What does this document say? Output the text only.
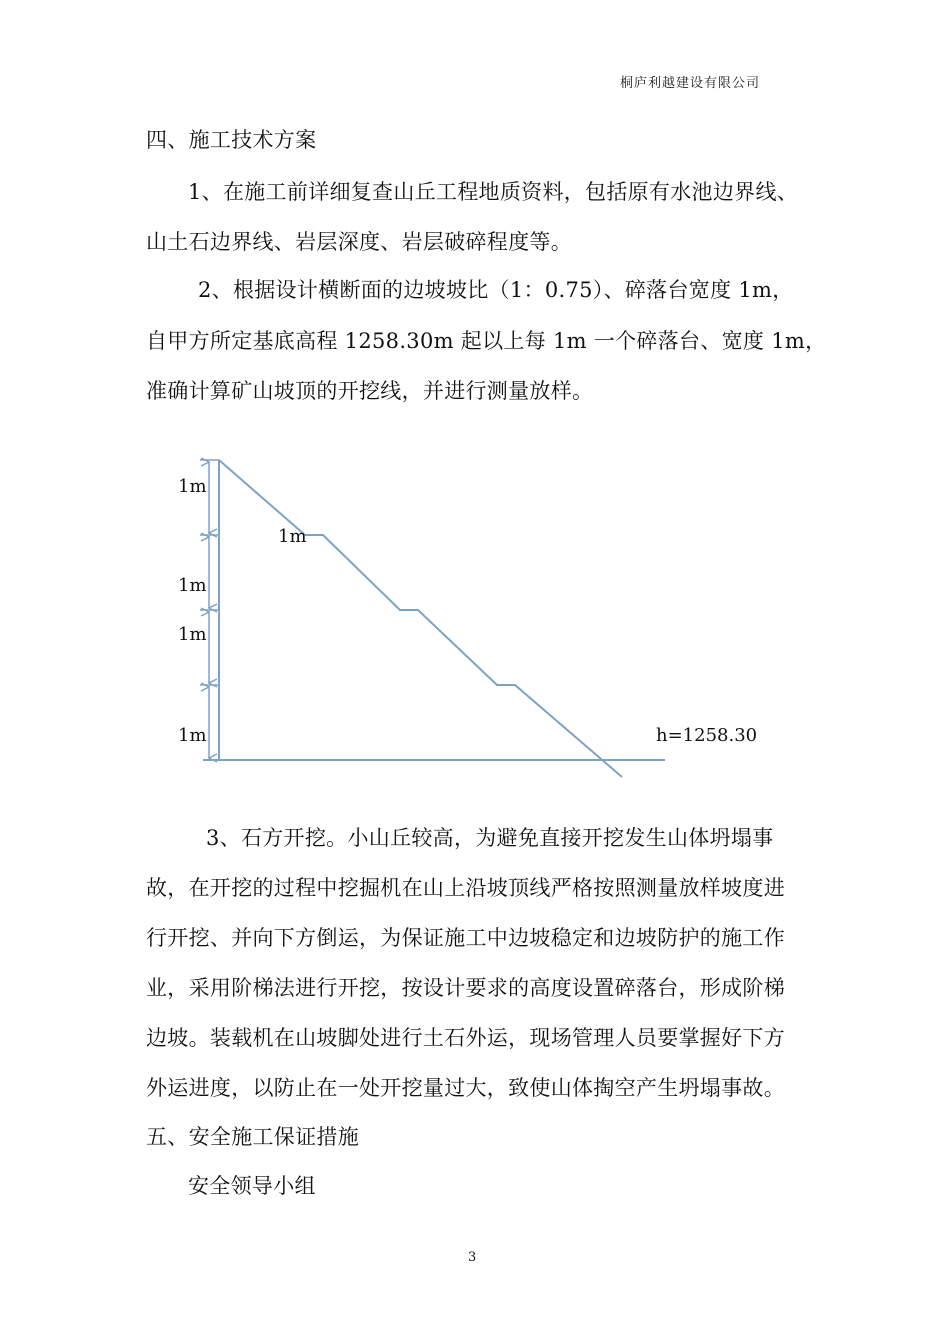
桐庐利越建设有限公司
四、施工技术方案
1、在施工前详细复查山丘工程地质资料，包括原有水池边界线、
山土石边界线、岩层深度、岩层破碎程度等。
2、根据设计横断面的边坡坡比（1：0.75）、碎落台宽度 1m，
自甲方所定基底高程 1258.30m 起以上每 1m 一个碎落台、宽度 1m，
准确计算矿山坡顶的开挖线，并进行测量放样。
1m
1m
1m
1m
1m
h=1258.30
3、石方开挖。小山丘较高，为避免直接开挖发生山体坍塌事
故，在开挖的过程中挖掘机在山上沿坡顶线严格按照测量放样坡度进
行开挖、并向下方倒运，为保证施工中边坡稳定和边坡防护的施工作
业，采用阶梯法进行开挖，按设计要求的高度设置碎落台，形成阶梯
边坡。装载机在山坡脚处进行土石外运，现场管理人员要掌握好下方
外运进度，以防止在一处开挖量过大，致使山体掏空产生坍塌事故。
五、安全施工保证措施
安全领导小组
3
